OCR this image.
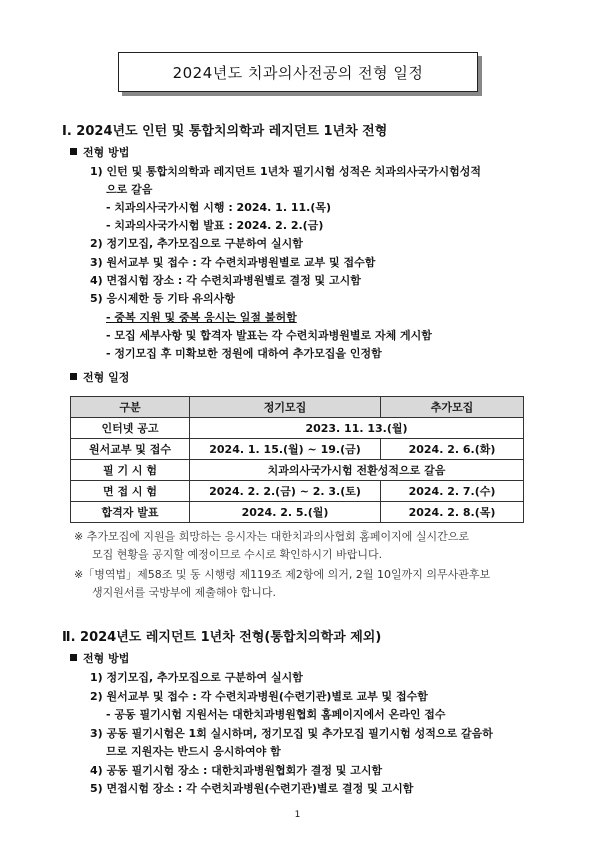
2024년도 치과의사전공의 전형 일정
Ⅰ. 2024년도 인턴 및 통합치의학과 레지던트 1년차 전형
전형 방법
1) 인턴 및 통합치의학과 레지던트 1년차 필기시험 성적은 치과의사국가시험성적
으로 갈음
- 치과의사국가시험 시행 : 2024. 1. 11.(목)
- 치과의사국가시험 발표 : 2024. 2. 2.(금)
2) 정기모집, 추가모집으로 구분하여 실시함
3) 원서교부 및 접수 : 각 수련치과병원별로 교부 및 접수함
4) 면접시험 장소 : 각 수련치과병원별로 결정 및 고시함
5) 응시제한 등 기타 유의사항
- 중복 지원 및 중복 응시는 일절 불허함
- 모집 세부사항 및 합격자 발표는 각 수련치과병원별로 자체 게시함
- 정기모집 후 미확보한 정원에 대하여 추가모집을 인정함
전형 일정
구분	정기모집	추가모집
인터넷 공고	2023. 11. 13.(월)	
원서교부 및 접수	2024. 1. 15.(월) ~ 19.(금)	2024. 2. 6.(화)
필 기 시 험	치과의사국가시험 전환성적으로 갈음	
면 접 시 험	2024. 2. 2.(금) ~ 2. 3.(토)	2024. 2. 7.(수)
합격자 발표	2024. 2. 5.(월)	2024. 2. 8.(목)
※ 추가모집에 지원을 희망하는 응시자는 대한치과의사협회 홈페이지에 실시간으로
모집 현황을 공지할 예정이므로 수시로 확인하시기 바랍니다.
※「병역법」제58조 및 동 시행령 제119조 제2항에 의거, 2월 10일까지 의무사관후보
생지원서를 국방부에 제출해야 합니다.
Ⅱ. 2024년도 레지던트 1년차 전형(통합치의학과 제외)
전형 방법
1) 정기모집, 추가모집으로 구분하여 실시함
2) 원서교부 및 접수 : 각 수련치과병원(수련기관)별로 교부 및 접수함
- 공동 필기시험 지원서는 대한치과병원협회 홈페이지에서 온라인 접수
3) 공동 필기시험은 1회 실시하며, 정기모집 및 추가모집 필기시험 성적으로 갈음하
므로 지원자는 반드시 응시하여야 함
4) 공동 필기시험 장소 : 대한치과병원협회가 결정 및 고시함
5) 면접시험 장소 : 각 수련치과병원(수련기관)별로 결정 및 고시함
1
